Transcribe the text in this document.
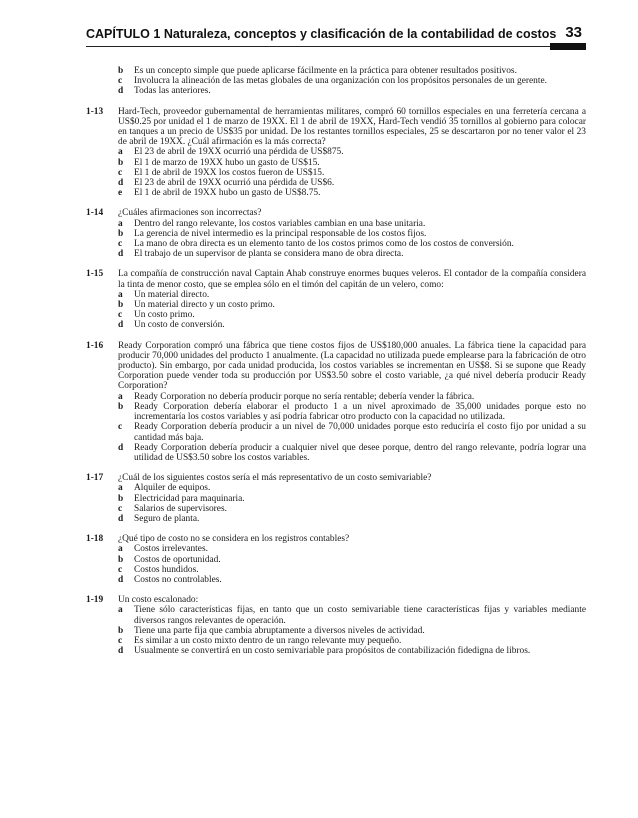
CAPÍTULO 1 Naturaleza, conceptos y clasificación de la contabilidad de costos 33
b Es un concepto simple que puede aplicarse fácilmente en la práctica para obtener resultados positivos.
c Involucra la alineación de las metas globales de una organización con los propósitos personales de un gerente.
d Todas las anteriores.
1-13 Hard-Tech, proveedor gubernamental de herramientas militares, compró 60 tornillos especiales en una ferretería cercana a US$0.25 por unidad el 1 de marzo de 19XX. El 1 de abril de 19XX, Hard-Tech vendió 35 tornillos al gobierno para colocar en tanques a un precio de US$35 por unidad. De los restantes tornillos especiales, 25 se descartaron por no tener valor el 23 de abril de 19XX. ¿Cuál afirmación es la más correcta?
a El 23 de abril de 19XX ocurrió una pérdida de US$875.
b El 1 de marzo de 19XX hubo un gasto de US$15.
c El 1 de abril de 19XX los costos fueron de US$15.
d El 23 de abril de 19XX ocurrió una pérdida de US$6.
e El 1 de abril de 19XX hubo un gasto de US$8.75.
1-14 ¿Cuáles afirmaciones son incorrectas?
a Dentro del rango relevante, los costos variables cambian en una base unitaria.
b La gerencia de nivel intermedio es la principal responsable de los costos fijos.
c La mano de obra directa es un elemento tanto de los costos primos como de los costos de conversión.
d El trabajo de un supervisor de planta se considera mano de obra directa.
1-15 La compañía de construcción naval Captain Ahab construye enormes buques veleros. El contador de la compañía considera la tinta de menor costo, que se emplea sólo en el timón del capitán de un velero, como:
a Un material directo.
b Un material directo y un costo primo.
c Un costo primo.
d Un costo de conversión.
1-16 Ready Corporation compró una fábrica que tiene costos fijos de US$180,000 anuales. La fábrica tiene la capacidad para producir 70,000 unidades del producto 1 anualmente. (La capacidad no utilizada puede emplearse para la fabricación de otro producto). Sin embargo, por cada unidad producida, los costos variables se incrementan en US$8. Si se supone que Ready Corporation puede vender toda su producción por US$3.50 sobre el costo variable, ¿a qué nivel debería producir Ready Corporation?
a Ready Corporation no debería producir porque no sería rentable; debería vender la fábrica.
b Ready Corporation debería elaborar el producto 1 a un nivel aproximado de 35,000 unidades porque esto no incrementaría los costos variables y así podría fabricar otro producto con la capacidad no utilizada.
c Ready Corporation debería producir a un nivel de 70,000 unidades porque esto reduciría el costo fijo por unidad a su cantidad más baja.
d Ready Corporation debería producir a cualquier nivel que desee porque, dentro del rango relevante, podría lograr una utilidad de US$3.50 sobre los costos variables.
1-17 ¿Cuál de los siguientes costos sería el más representativo de un costo semivariable?
a Alquiler de equipos.
b Electricidad para maquinaria.
c Salarios de supervisores.
d Seguro de planta.
1-18 ¿Qué tipo de costo no se considera en los registros contables?
a Costos irrelevantes.
b Costos de oportunidad.
c Costos hundidos.
d Costos no controlables.
1-19 Un costo escalonado:
a Tiene sólo características fijas, en tanto que un costo semivariable tiene características fijas y variables mediante diversos rangos relevantes de operación.
b Tiene una parte fija que cambia abruptamente a diversos niveles de actividad.
c Es similar a un costo mixto dentro de un rango relevante muy pequeño.
d Usualmente se convertirá en un costo semivariable para propósitos de contabilización fidedigna de libros.
